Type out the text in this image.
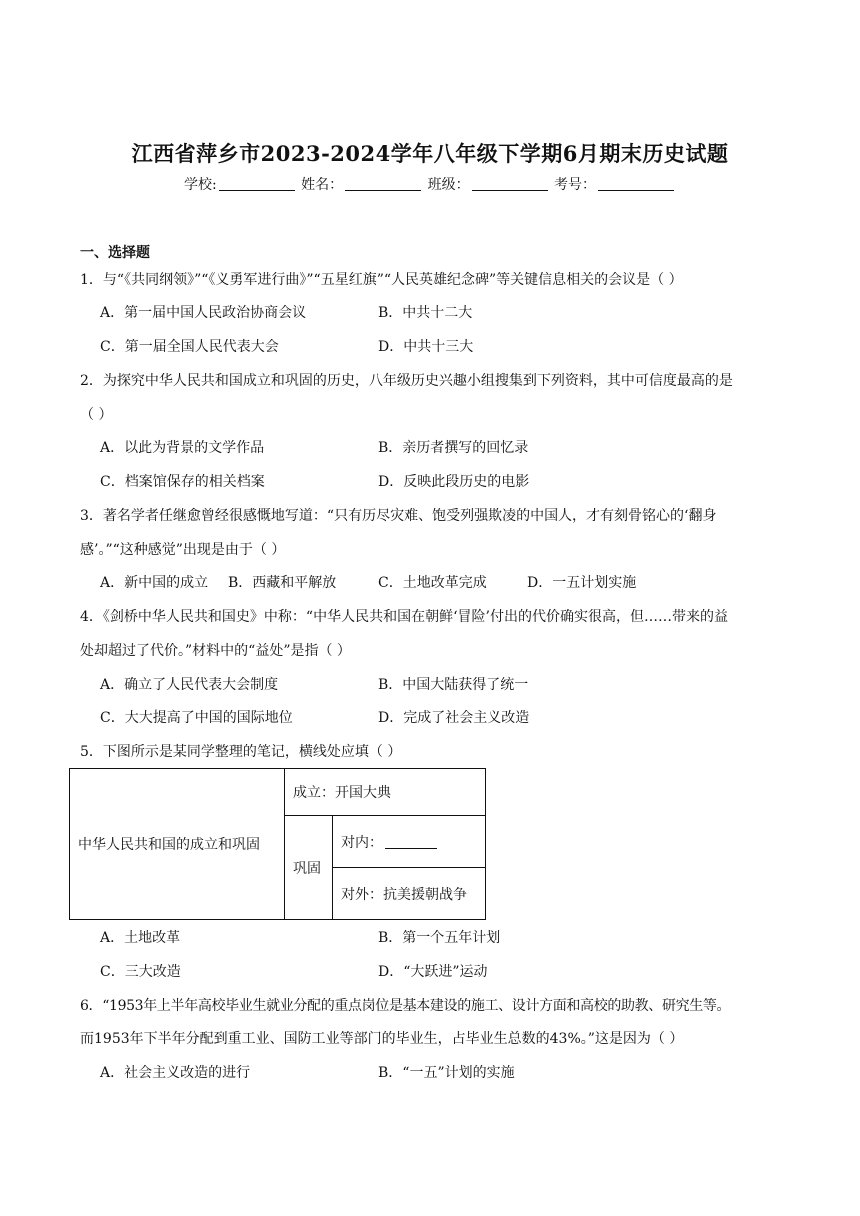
江西省萍乡市2023-2024学年八年级下学期6月期末历史试题
学校:	姓名：	班级：	考号：
一、选择题
1．与“《共同纲领》”“《义勇军进行曲》”“五星红旗”“人民英雄纪念碑”等关键信息相关的会议是（ ）
A．第一届中国人民政治协商会议	B．中共十二大
C．第一届全国人民代表大会	D．中共十三大
2．为探究中华人民共和国成立和巩固的历史，八年级历史兴趣小组搜集到下列资料，其中可信度最高的是
（ ）
A．以此为背景的文学作品	B．亲历者撰写的回忆录
C．档案馆保存的相关档案	D．反映此段历史的电影
3．著名学者任继愈曾经很感慨地写道：“只有历尽灾难、饱受列强欺凌的中国人，才有刻骨铭心的‘翻身
感’。”“这种感觉”出现是由于（ ）
A．新中国的成立 B．西藏和平解放	C．土地改革完成	D．一五计划实施
4．《剑桥中华人民共和国史》中称：“中华人民共和国在朝鲜‘冒险’付出的代价确实很高，但……带来的益
处却超过了代价。”材料中的“益处”是指（ ）
A．确立了人民代表大会制度	B．中国大陆获得了统一
C．大大提高了中国的国际地位	D．完成了社会主义改造
5．下图所示是某同学整理的笔记，横线处应填（ ）
中华人民共和国的成立和巩固	成立：开国大典	
	巩固	对内：
		对外：抗美援朝战争
A．土地改革	B．第一个五年计划
C．三大改造	D．“大跃进”运动
6．“1953年上半年高校毕业生就业分配的重点岗位是基本建设的施工、设计方面和高校的助教、研究生等。
而1953年下半年分配到重工业、国防工业等部门的毕业生，占毕业生总数的43%。”这是因为（ ）
A．社会主义改造的进行	B．“一五”计划的实施
